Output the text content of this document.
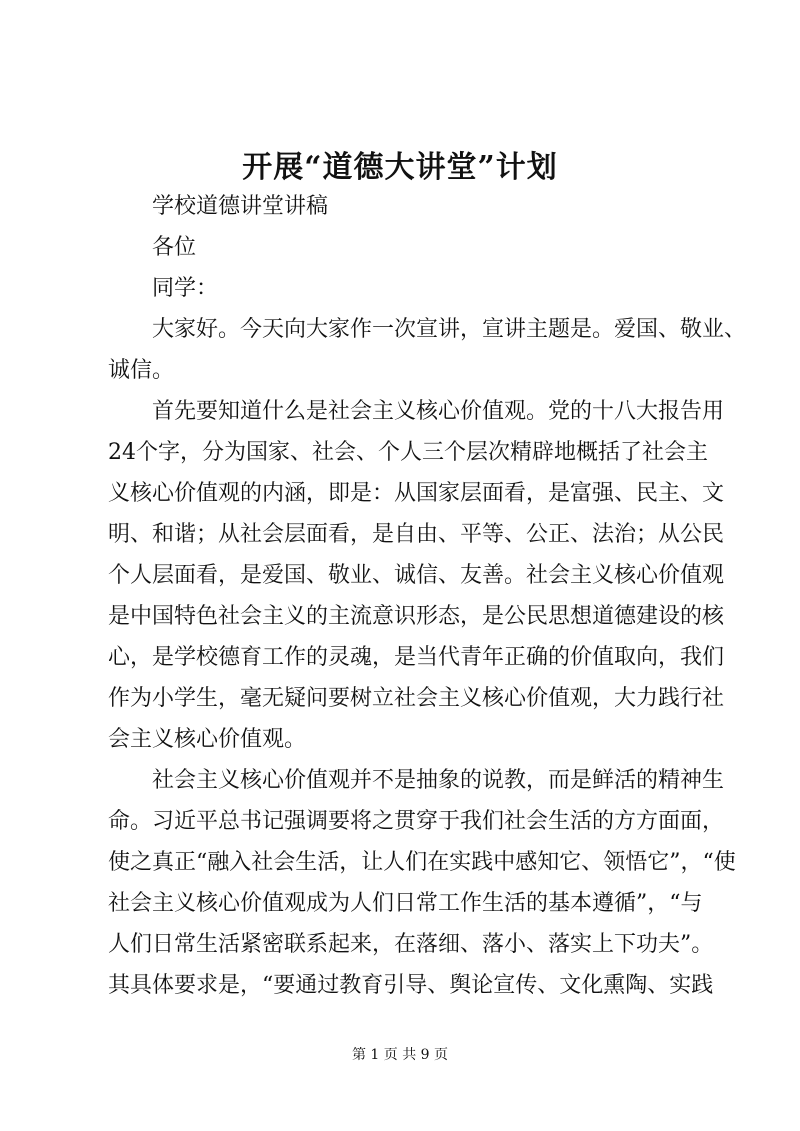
开展“道德大讲堂”计划

学校道德讲堂讲稿

各位

同学：

大家好。今天向大家作一次宣讲，宣讲主题是。爱国、敬业、

诚信。

首先要知道什么是社会主义核心价值观。党的十八大报告用

24个字，分为国家、社会、个人三个层次精辟地概括了社会主

义核心价值观的内涵，即是：从国家层面看，是富强、民主、文

明、和谐；从社会层面看，是自由、平等、公正、法治；从公民

个人层面看，是爱国、敬业、诚信、友善。社会主义核心价值观

是中国特色社会主义的主流意识形态，是公民思想道德建设的核

心，是学校德育工作的灵魂，是当代青年正确的价值取向，我们

作为小学生，毫无疑问要树立社会主义核心价值观，大力践行社

会主义核心价值观。

社会主义核心价值观并不是抽象的说教，而是鲜活的精神生

命。习近平总书记强调要将之贯穿于我们社会生活的方方面面，

使之真正“融入社会生活，让人们在实践中感知它、领悟它”，“使

社会主义核心价值观成为人们日常工作生活的基本遵循”，“与

人们日常生活紧密联系起来，在落细、落小、落实上下功夫”。

其具体要求是，“要通过教育引导、舆论宣传、文化熏陶、实践

第 1 页 共 9 页
